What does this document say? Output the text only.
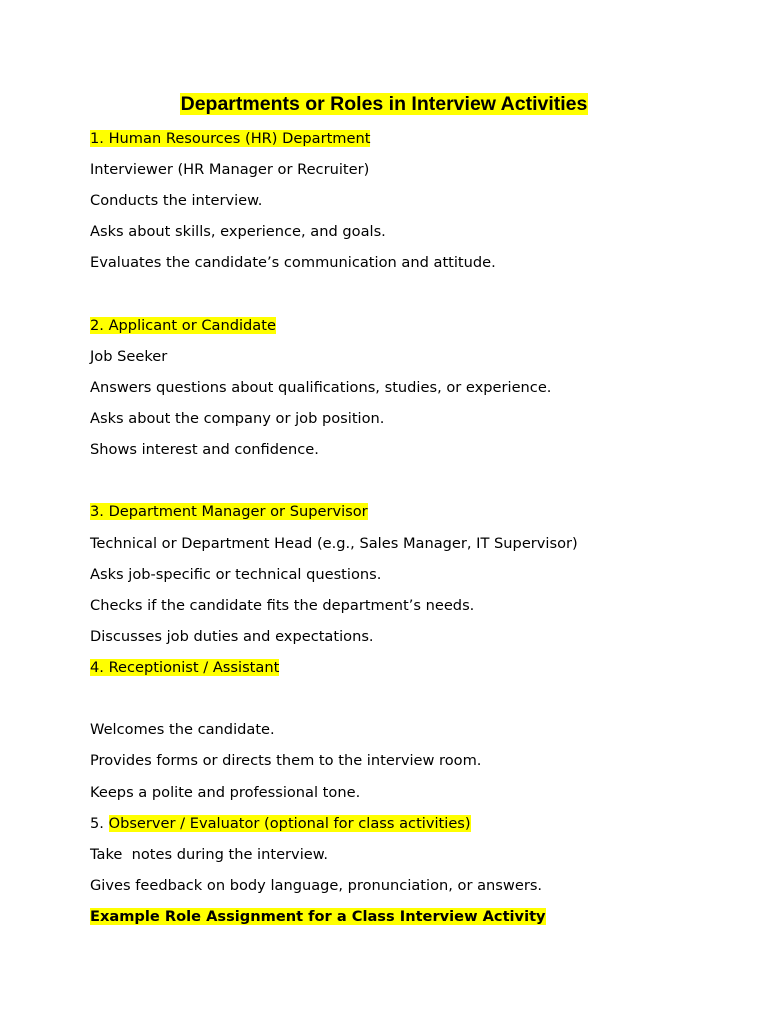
Departments or Roles in Interview Activities
1. Human Resources (HR) Department
Interviewer (HR Manager or Recruiter)
Conducts the interview.
Asks about skills, experience, and goals.
Evaluates the candidate’s communication and attitude.
2. Applicant or Candidate
Job Seeker
Answers questions about qualifications, studies, or experience.
Asks about the company or job position.
Shows interest and confidence.
3. Department Manager or Supervisor
Technical or Department Head (e.g., Sales Manager, IT Supervisor)
Asks job-specific or technical questions.
Checks if the candidate fits the department’s needs.
Discusses job duties and expectations.
4. Receptionist / Assistant
Welcomes the candidate.
Provides forms or directs them to the interview room.
Keeps a polite and professional tone.
5. Observer / Evaluator (optional for class activities)
Take  notes during the interview.
Gives feedback on body language, pronunciation, or answers.
Example Role Assignment for a Class Interview Activity
